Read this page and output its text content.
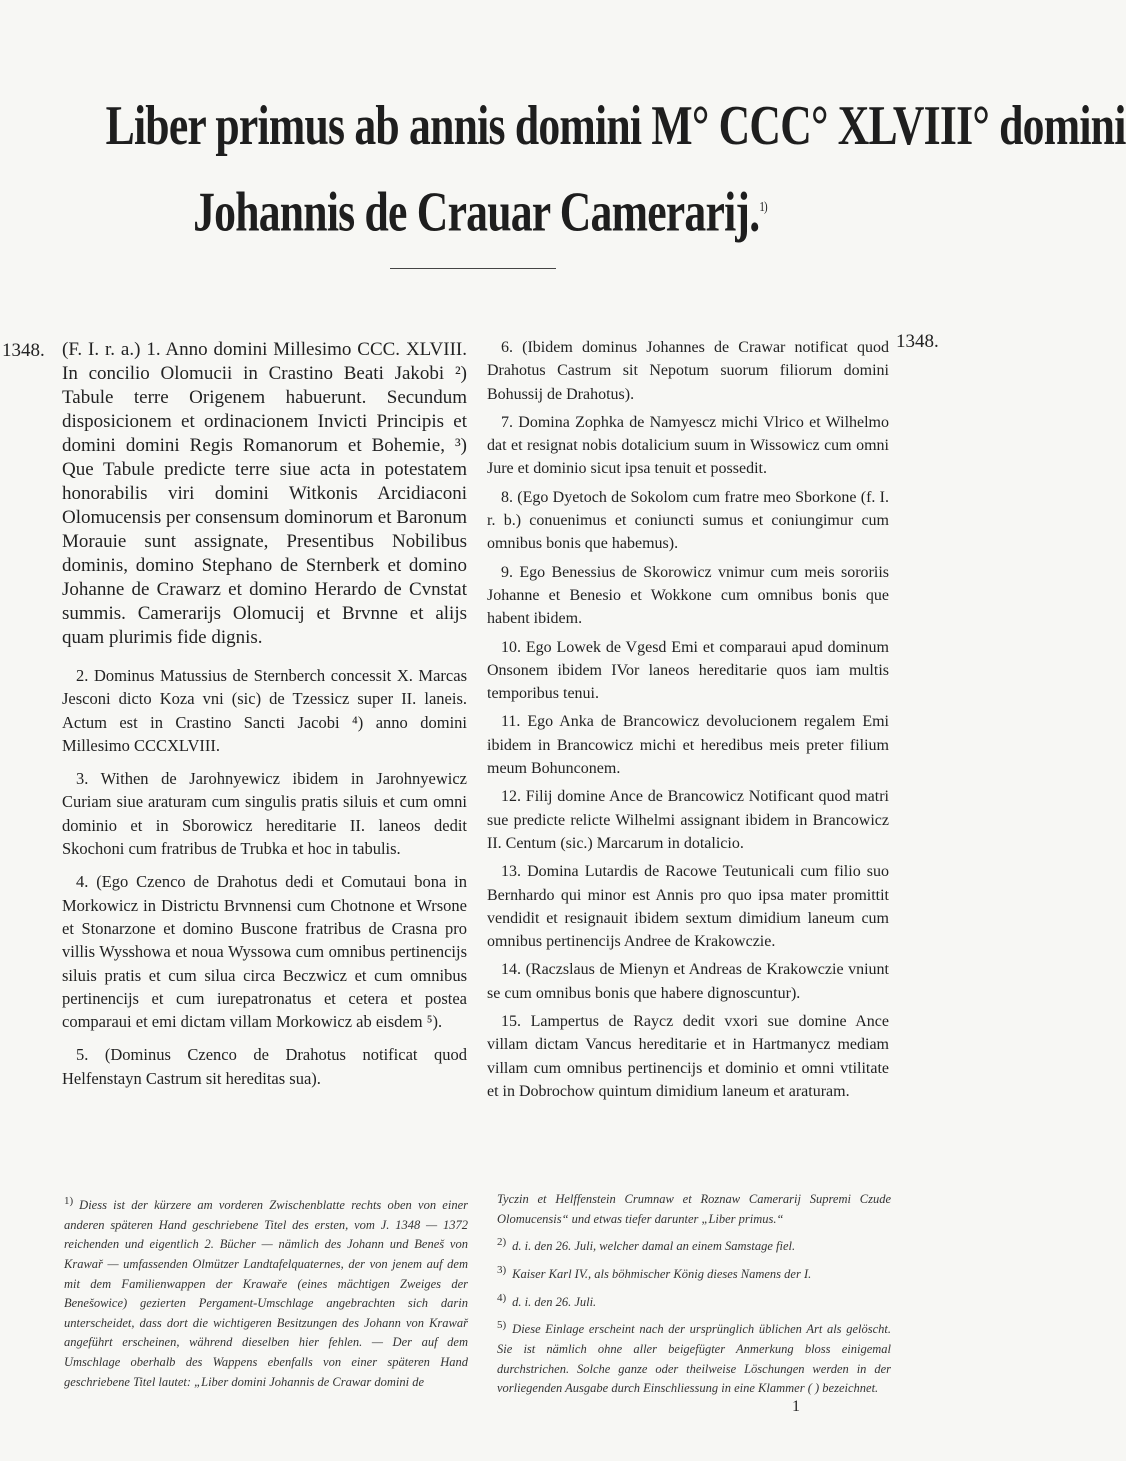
Liber primus ab annis domini M° CCC° XLVIII° domini
Johannis de Crauar Camerarij.$^{1)}$
1348.	1348.

(F. I. r. a.) 1. Anno domini Millesimo CCC. XLVIII. In concilio Olomucii in Crastino Beati Jakobi ²) Tabule terre Origenem habuerunt. Secundum disposicionem et ordinacionem Invicti Principis et domini domini Regis Romanorum et Bohemie, ³) Que Tabule predicte terre siue acta in potestatem honorabilis viri domini Witkonis Arcidiaconi Olomucensis per consensum dominorum et Baronum Morauie sunt assignate, Presentibus Nobilibus dominis, domino Stephano de Sternberk et domino Johanne de Crawarz et domino Herardo de Cvnstat summis. Camerarijs Olomucij et Brvnne et alijs quam plurimis fide dignis.

2. Dominus Matussius de Sternberch concessit X. Marcas Jesconi dicto Koza vni (sic) de Tzessicz super II. laneis. Actum est in Crastino Sancti Jacobi ⁴) anno domini Millesimo CCCXLVIII.

3. Withen de Jarohnyewicz ibidem in Jarohnyewicz Curiam siue araturam cum singulis pratis siluis et cum omni dominio et in Sborowicz hereditarie II. laneos dedit Skochoni cum fratribus de Trubka et hoc in tabulis.

4. (Ego Czenco de Drahotus dedi et Comutaui bona in Morkowicz in Districtu Brvnnensi cum Chotnone et Wrsone et Stonarzone et domino Buscone fratribus de Crasna pro villis Wysshowa et noua Wyssowa cum omnibus pertinencijs siluis pratis et cum silua circa Beczwicz et cum omnibus pertinencijs et cum iurepatronatus et cetera et postea comparaui et emi dictam villam Morkowicz ab eisdem ⁵).

5. (Dominus Czenco de Drahotus notificat quod Helfenstayn Castrum sit hereditas sua).

6. (Ibidem dominus Johannes de Crawar notificat quod Drahotus Castrum sit Nepotum suorum filiorum domini Bohussij de Drahotus).

7. Domina Zophka de Namyescz michi Vlrico et Wilhelmo dat et resignat nobis dotalicium suum in Wissowicz cum omni Jure et dominio sicut ipsa tenuit et possedit.

8. (Ego Dyetoch de Sokolom cum fratre meo Sborkone (f. I. r. b.) conuenimus et coniuncti sumus et coniungimur cum omnibus bonis que habemus).

9. Ego Benessius de Skorowicz vnimur cum meis sororiis Johanne et Benesio et Wokkone cum omnibus bonis que habent ibidem.

10. Ego Lowek de Vgesd Emi et comparaui apud dominum Onsonem ibidem IVor laneos hereditarie quos iam multis temporibus tenui.

11. Ego Anka de Brancowicz devolucionem regalem Emi ibidem in Brancowicz michi et heredibus meis preter filium meum Bohunconem.

12. Filij domine Ance de Brancowicz Notificant quod matri sue predicte relicte Wilhelmi assignant ibidem in Brancowicz II. Centum (sic.) Marcarum in dotalicio.

13. Domina Lutardis de Racowe Teutunicali cum filio suo Bernhardo qui minor est Annis pro quo ipsa mater promittit vendidit et resignauit ibidem sextum dimidium laneum cum omnibus pertinencijs Andree de Krakowczie.

14. (Raczslaus de Mienyn et Andreas de Krakowczie vniunt se cum omnibus bonis que habere dignoscuntur).

15. Lampertus de Raycz dedit vxori sue domine Ance villam dictam Vancus hereditarie et in Hartmanycz mediam villam cum omnibus pertinencijs et dominio et omni vtilitate et in Dobrochow quintum dimidium laneum et araturam.

1) Diess ist der kürzere am vorderen Zwischenblatte rechts oben von einer anderen späteren Hand geschriebene Titel des ersten, vom J. 1348 — 1372 reichenden und eigentlich 2. Bücher — nämlich des Johann und Beneš von Krawař — umfassenden Olmützer Landtafelquaternes, der von jenem auf dem mit dem Familienwappen der Krawaře (eines mächtigen Zweiges der Benešowice) gezierten Pergament-Umschlage angebrachten sich darin unterscheidet, dass dort die wichtigeren Besitzungen des Johann von Krawař angeführt erscheinen, während dieselben hier fehlen. — Der auf dem Umschlage oberhalb des Wappens ebenfalls von einer späteren Hand geschriebene Titel lautet: „Liber domini Johannis de Crawar domini de

Tyczin et Helffenstein Crumnaw et Roznaw Camerarij Supremi Czude Olomucensis“ und etwas tiefer darunter „Liber primus.“

2) d. i. den 26. Juli, welcher damal an einem Samstage fiel.

3) Kaiser Karl IV., als böhmischer König dieses Namens der I.

4) d. i. den 26. Juli.

5) Diese Einlage erscheint nach der ursprünglich üblichen Art als gelöscht. Sie ist nämlich ohne aller beigefügter Anmerkung bloss einigemal durchstrichen. Solche ganze oder theilweise Löschungen werden in der vorliegenden Ausgabe durch Einschliessung in eine Klammer ( ) bezeichnet.

1
